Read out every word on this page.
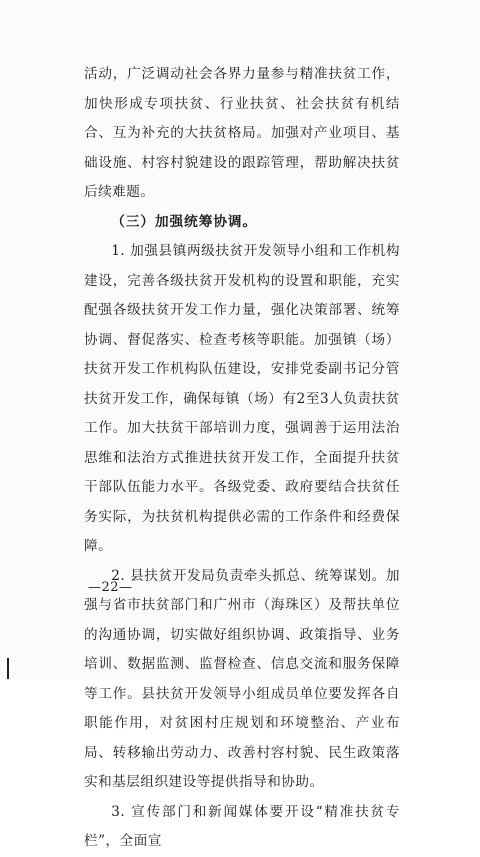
活动，广泛调动社会各界力量参与精准扶贫工作，加快形成专项扶贫、行业扶贫、社会扶贫有机结合、互为补充的大扶贫格局。加强对产业项目、基础设施、村容村貌建设的跟踪管理，帮助解决扶贫后续难题。

（三）加强统筹协调。

1. 加强县镇两级扶贫开发领导小组和工作机构建设，完善各级扶贫开发机构的设置和职能，充实配强各级扶贫开发工作力量，强化决策部署、统筹协调、督促落实、检查考核等职能。加强镇（场）扶贫开发工作机构队伍建设，安排党委副书记分管扶贫开发工作，确保每镇（场）有2至3人负责扶贫工作。加大扶贫干部培训力度，强调善于运用法治思维和法治方式推进扶贫开发工作，全面提升扶贫干部队伍能力水平。各级党委、政府要结合扶贫任务实际，为扶贫机构提供必需的工作条件和经费保障。

2. 县扶贫开发局负责牵头抓总、统筹谋划。加强与省市扶贫部门和广州市（海珠区）及帮扶单位的沟通协调，切实做好组织协调、政策指导、业务培训、数据监测、监督检查、信息交流和服务保障等工作。县扶贫开发领导小组成员单位要发挥各自职能作用，对贫困村庄规划和环境整治、产业布局、转移输出劳动力、改善村容村貌、民生政策落实和基层组织建设等提供指导和协助。

3. 宣传部门和新闻媒体要开设“精准扶贫专栏”，全面宣

—22—
